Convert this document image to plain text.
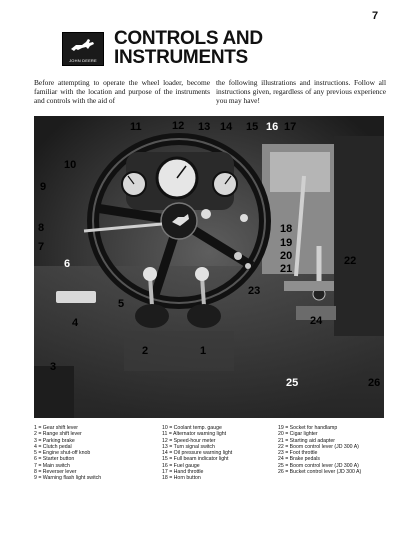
7
JOHN DEERE
CONTROLS AND
INSTRUMENTS
Before attempting to operate the wheel loader, become familiar with the location and purpose of the instruments and controls with the aid of
the following illustrations and instructions. Follow all instructions given, regardless of any previous experience you may have!
11	12 13 14 15 16 17
10
9
8
7
6
5
4
2	1
3
18
19
20
21
22
23
24
25	26
1 = Gear shift lever
2 = Range shift lever
3 = Parking brake
4 = Clutch pedal
5 = Engine shut-off knob
6 = Starter button
7 = Main switch
8 = Reverser lever
9 = Warning flash light switch
10 = Coolant temp. gauge
11 = Alternator warning light
12 = Speed-hour meter
13 = Turn signal switch
14 = Oil pressure warning light
15 = Full beam indicator light
16 = Fuel gauge
17 = Hand throttle
18 = Horn button
19 = Socket for handlamp
20 = Cigar lighter
21 = Starting aid adapter
22 = Boom control lever (JD 300 A)
23 = Foot throttle
24 = Brake pedals
25 = Boom control lever (JD 300 A)
26 = Bucket control lever (JD 300 A)
